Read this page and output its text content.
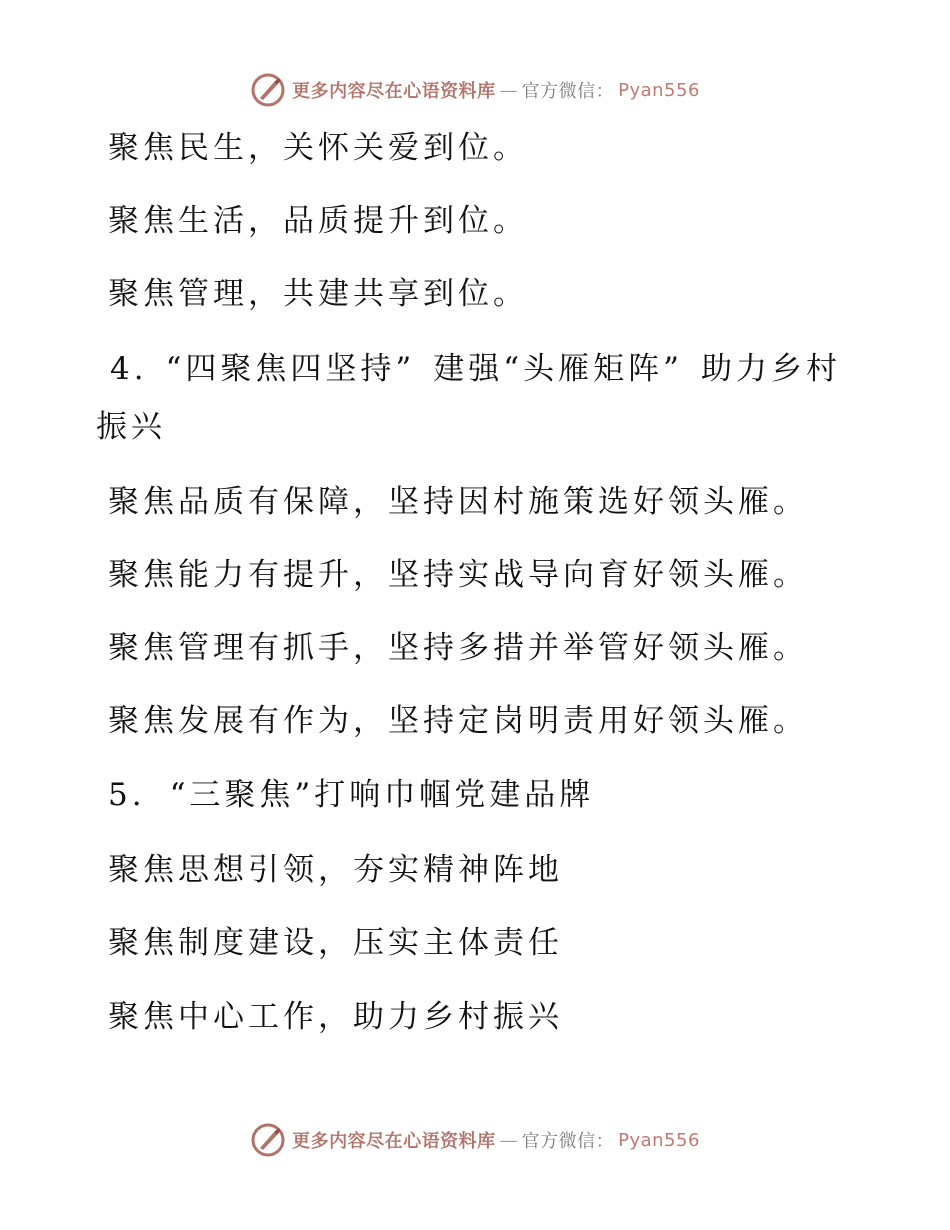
更多内容尽在心语资料库 — 官方微信： Pyan556

聚焦民生，关怀关爱到位。

聚焦生活，品质提升到位。

聚焦管理，共建共享到位。

4. “四聚焦四坚持” 建强“头雁矩阵” 助力乡村振兴

聚焦品质有保障，坚持因村施策选好领头雁。

聚焦能力有提升，坚持实战导向育好领头雁。

聚焦管理有抓手，坚持多措并举管好领头雁。

聚焦发展有作为，坚持定岗明责用好领头雁。

5. “三聚焦”打响巾帼党建品牌

聚焦思想引领，夯实精神阵地

聚焦制度建设，压实主体责任

聚焦中心工作，助力乡村振兴

更多内容尽在心语资料库 — 官方微信： Pyan556
